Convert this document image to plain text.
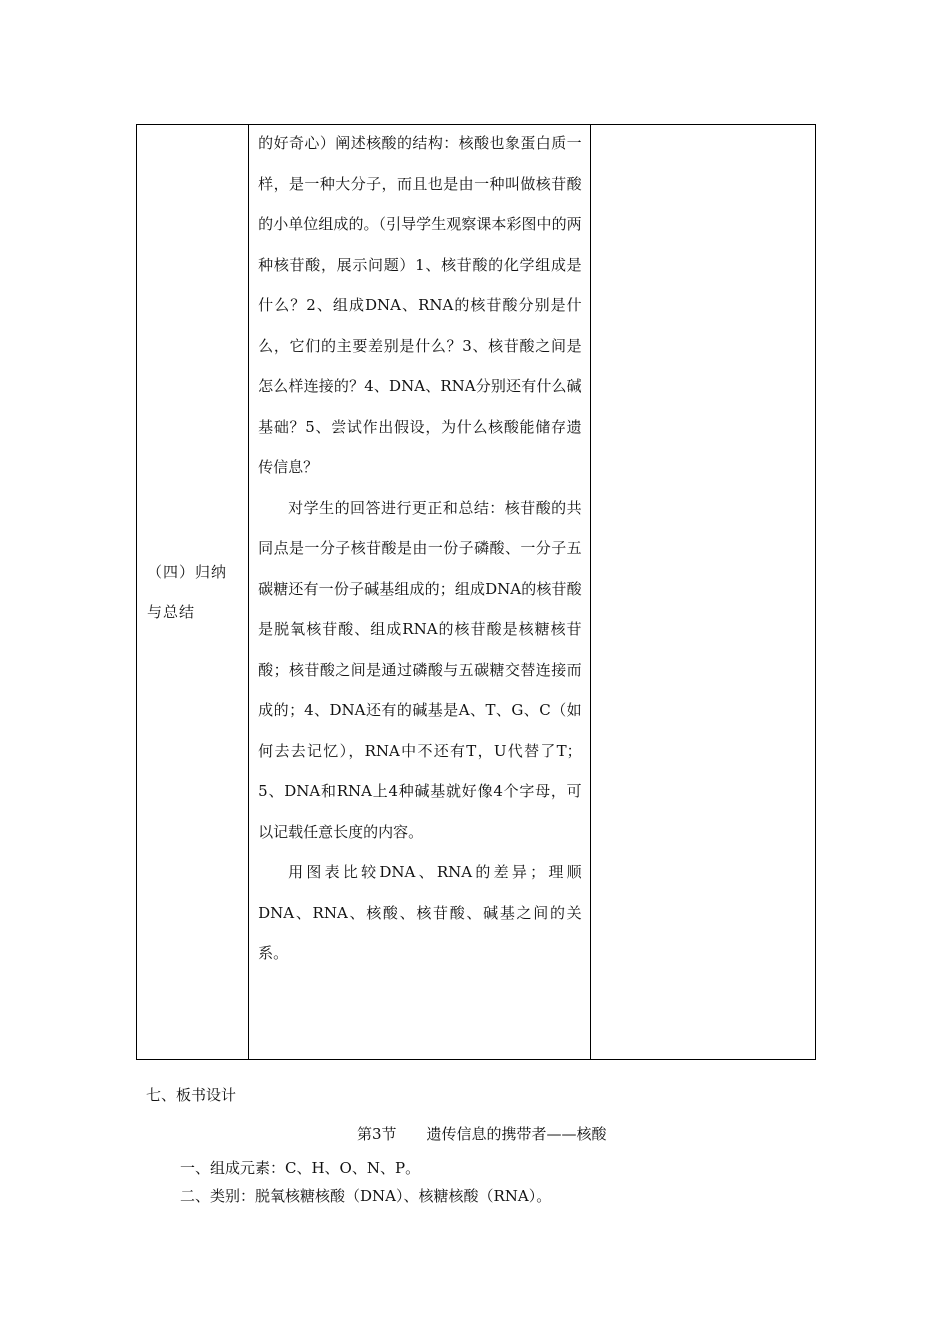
（四）归纳
与总结

的好奇心）阐述核酸的结构：核酸也象蛋白质一样，是一种大分子，而且也是由一种叫做核苷酸的小单位组成的。（引导学生观察课本彩图中的两种核苷酸，展示问题）1、核苷酸的化学组成是什么？2、组成DNA、RNA的核苷酸分别是什么，它们的主要差别是什么？3、核苷酸之间是怎么样连接的？4、DNA、RNA分别还有什么碱基础？5、尝试作出假设，为什么核酸能储存遗传信息？

对学生的回答进行更正和总结：核苷酸的共同点是一分子核苷酸是由一份子磷酸、一分子五碳糖还有一份子碱基组成的；组成DNA的核苷酸是脱氧核苷酸、组成RNA的核苷酸是核糖核苷酸；核苷酸之间是通过磷酸与五碳糖交替连接而成的；4、DNA还有的碱基是A、T、G、C（如何去去记忆），RNA中不还有T，U代替了T；5、DNA和RNA上4种碱基就好像4个字母，可以记载任意长度的内容。

用图表比较DNA、RNA的差异；理顺DNA、RNA、核酸、核苷酸、碱基之间的关系。

七、板书设计

第3节　　遗传信息的携带者——核酸

一、组成元素：C、H、O、N、P。

二、类别：脱氧核糖核酸（DNA）、核糖核酸（RNA）。
